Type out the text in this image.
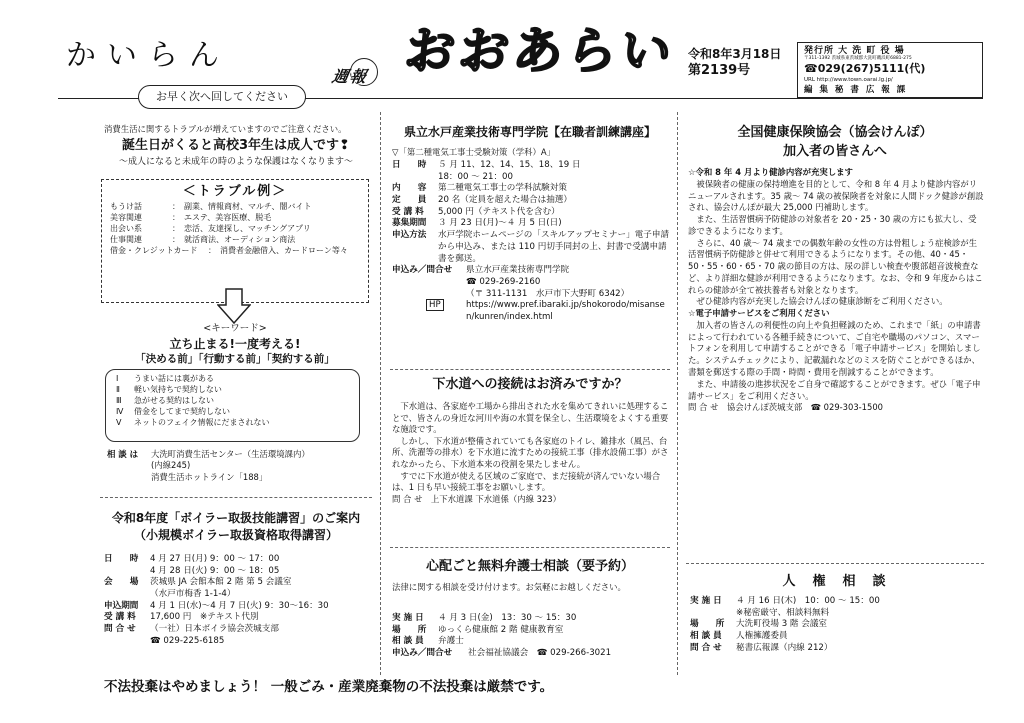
かいらん
お早く次へ回してください
週報 おおあらい 令和8年3月18日
第2139号
発行所 大 洗 町 役 場
〒311-1392 茨城県東茨城郡大洗町磯浜町6881-275
☎029(267)5111(代)
URL http://www.town.oarai.lg.jp/
編 集 秘 書 広 報 課
消費生活に関するトラブルが増えていますのでご注意ください。
誕生日がくると高校3年生は成人です❢
～成人になると未成年の時のような保護はなくなります～
＜トラブル例＞
もうけ話	：　副業、情報商材、マルチ、闇バイト
美容関連	：　エステ、美容医療、脱毛
出会い系	：　恋活、友達探し、マッチングアプリ
仕事関連	：　就活商法、オーディション商法
借金・クレジットカード	：　消費者金融借入、カードローン等々
<キーワード>
立ち止まる!一度考える!
「決める前」「行動する前」「契約する前」
Ⅰ うまい話には裏がある
Ⅱ 軽い気持ちで契約しない
Ⅲ 急がせる契約はしない
Ⅳ 借金をしてまで契約しない
Ⅴ ネットのフェイク情報にだまされない
相 談 は	大洗町消費生活センター（生活環境課内）
(内線245)
消費生活ホットライン「188」
令和8年度「ボイラー取扱技能講習」のご案内
（小規模ボイラー取扱資格取得講習）
日　　時	4 月 27 日(月) 9：00 ～ 17：00
4 月 28 日(火) 9：00 ～ 18：05
会　　場	茨城県 JA 会館本館 2 階 第 5 会議室
（水戸市梅香 1-1-4）
申込期間	4 月 1 日(水)～4 月 7 日(火) 9：30～16：30
受 講 料	17,600 円　※テキスト代別
問 合 せ	（一社）日本ボイラ協会茨城支部
☎ 029-225-6185
県立水戸産業技術専門学院【在職者訓練講座】
▽「第二種電気工事士受験対策（学科）A」
日　　時	５ 月 11、12、14、15、18、19 日
18：00 ～ 21：00
内　　容	第二種電気工事士の学科試験対策
定　　員	20 名（定員を超えた場合は抽選）
受 講 料	5,000 円（テキスト代を含む）
募集期間	３ 月 23 日(月)～４ 月 5 日(日)
申込方法	水戸学院ホームページの「スキルアップセミナー」電子申請から申込み、または 110 円切手同封の上、封書で受講申請書を郵送。
申込み／問合せ	県立水戸産業技術専門学院
☎ 029-269-2160
（〒 311-1131　水戸市下大野町 6342）
HP	https://www.pref.ibaraki.jp/shokorodo/misansen/kunren/index.html
下水道への接続はお済みですか？

下水道は、各家庭や工場から排出された水を集めてきれいに処理することで、皆さんの身近な河川や海の水質を保全し、生活環境をよくする重要な施設です。

しかし、下水道が整備されていても各家庭のトイレ、雑排水（風呂、台所、洗濯等の排水）を下水道に流すための接続工事（排水設備工事）がされなかったら、下水道本来の役割を果たしません。

すでに下水道が使える区域のご家庭で、まだ接続が済んでいない場合は、1 日も早い接続工事をお願いします。

問 合 せ　上下水道課 下水道係（内線 323）

心配ごと無料弁護士相談（要予約）
法律に関する相談を受け付けます。お気軽にお越しください。
実 施 日	４ 月 3 日(金)　13：30 ～ 15：30
場　　所	ゆっくら健康館 2 階 健康教育室
相 談 員	弁護士
申込み／問合せ	社会福祉協議会　☎ 029-266-3021
全国健康保険協会（協会けんぽ）
加入者の皆さんへ

☆令和 8 年 4 月より健診内容が充実します

被保険者の健康の保持増進を目的として、令和 8 年 4 月より健診内容がリニューアルされます。35 歳～ 74 歳の被保険者を対象に人間ドック健診が創設され、協会けんぽが最大 25,000 円補助します。

また、生活習慣病予防健診の対象者を 20・25・30 歳の方にも拡大し、受診できるようになります。

さらに、40 歳～ 74 歳までの偶数年齢の女性の方は骨粗しょう症検診が生活習慣病予防健診と併せて利用できるようになります。その他、40・45・50・55・60・65・70 歳の節目の方は、尿の詳しい検査や腹部超音波検査など、より詳細な健診が利用できるようになります。なお、令和 9 年度からはこれらの健診が全て被扶養者も対象となります。

ぜひ健診内容が充実した協会けんぽの健康診断をご利用ください。

☆電子申請サービスをご利用ください

加入者の皆さんの利便性の向上や負担軽減のため、これまで「紙」の申請書によって行われている各種手続きについて、ご自宅や職場のパソコン、スマートフォンを利用して申請することができる「電子申請サービス」を開始しました。システムチェックにより、記載漏れなどのミスを防ぐことができるほか、書類を郵送する際の手間・時間・費用を削減することができます。

また、申請後の進捗状況をご自身で確認することができます。ぜひ「電子申請サービス」をご利用ください。

問 合 せ　協会けんぽ茨城支部　☎ 029-303-1500

人　権　相　談
実 施 日	４ 月 16 日(木)　10：00 ～ 15：00
※秘密厳守、相談料無料
場　　所	大洗町役場 3 階 会議室
相 談 員	人権擁護委員
問 合 せ	秘書広報課（内線 212）
不法投棄はやめましょう！ 一般ごみ・産業廃棄物の不法投棄は厳禁です。
